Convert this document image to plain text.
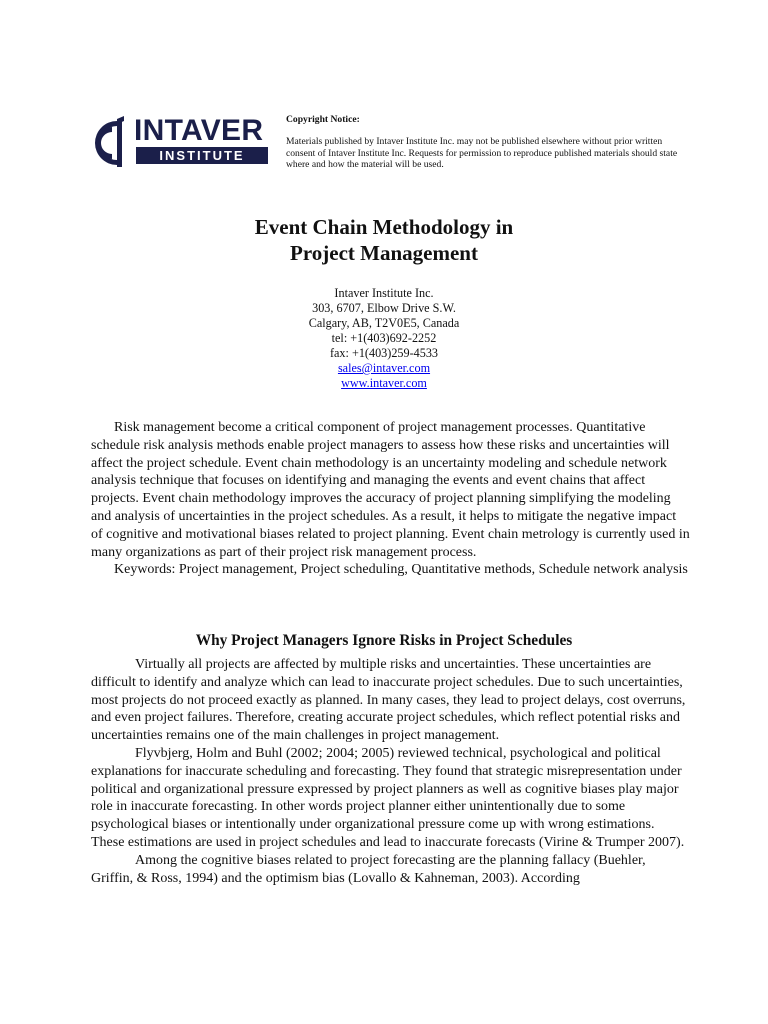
INTAVER
INSTITUTE
Copyright Notice:
Materials published by Intaver Institute Inc. may not be published elsewhere without prior written consent of Intaver Institute Inc. Requests for permission to reproduce published materials should state where and how the material will be used.
Event Chain Methodology in
Project Management
Intaver Institute Inc.
303, 6707, Elbow Drive S.W.
Calgary, AB, T2V0E5, Canada
tel: +1(403)692-2252
fax: +1(403)259-4533
sales@intaver.com
www.intaver.com

Risk management become a critical component of project management processes. Quantitative schedule risk analysis methods enable project managers to assess how these risks and uncertainties will affect the project schedule. Event chain methodology is an uncertainty modeling and schedule network analysis technique that focuses on identifying and managing the events and event chains that affect projects. Event chain methodology improves the accuracy of project planning simplifying the modeling and analysis of uncertainties in the project schedules. As a result, it helps to mitigate the negative impact of cognitive and motivational biases related to project planning. Event chain metrology is currently used in many organizations as part of their project risk management process.

Keywords: Project management, Project scheduling, Quantitative methods, Schedule network analysis

Why Project Managers Ignore Risks in Project Schedules

Virtually all projects are affected by multiple risks and uncertainties. These uncertainties are difficult to identify and analyze which can lead to inaccurate project schedules. Due to such uncertainties, most projects do not proceed exactly as planned. In many cases, they lead to project delays, cost overruns, and even project failures. Therefore, creating accurate project schedules, which reflect potential risks and uncertainties remains one of the main challenges in project management.

Flyvbjerg, Holm and Buhl (2002; 2004; 2005) reviewed technical, psychological and political explanations for inaccurate scheduling and forecasting. They found that strategic misrepresentation under political and organizational pressure expressed by project planners as well as cognitive biases play major role in inaccurate forecasting. In other words project planner either unintentionally due to some psychological biases or intentionally under organizational pressure come up with wrong estimations. These estimations are used in project schedules and lead to inaccurate forecasts (Virine & Trumper 2007).

Among the cognitive biases related to project forecasting are the planning fallacy (Buehler, Griffin, & Ross, 1994) and the optimism bias (Lovallo & Kahneman, 2003). According
